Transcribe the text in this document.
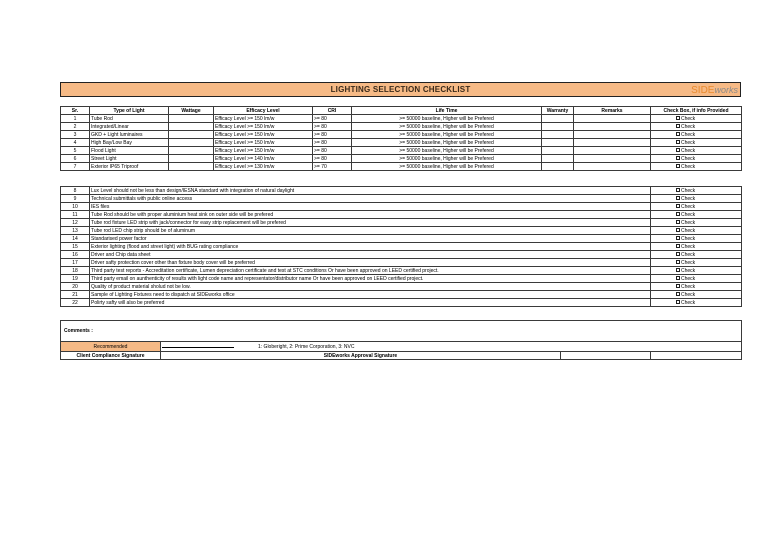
LIGHTING SELECTION CHECKLIST	SIDEworks
Sr.	Type of Light	Wattage	Efficacy Level	CRI	Life Time	Warranty	Remarks	Check Box, if info Provided
1	Tube Rod		Efficacy Level >= 150 lm/w	>= 80	>= 50000 baseline, Higher will be Prefered			Check
2	Integrated/Linear		Efficacy Level >= 150 lm/w	>= 80	>= 50000 baseline, Higher will be Prefered			Check
3	GKD + Light luminaires		Efficacy Level >= 150 lm/w	>= 80	>= 50000 baseline, Higher will be Prefered			Check
4	High Bay/Low Bay		Efficacy Level >= 150 lm/w	>= 80	>= 50000 baseline, Higher will be Prefered			Check
5	Flood Light		Efficacy Level >= 150 lm/w	>= 80	>= 50000 baseline, Higher will be Prefered			Check
6	Street Light		Efficacy Level >= 140 lm/w	>= 80	>= 50000 baseline, Higher will be Prefered			Check
7	Exterior IP65 Triproof		Efficacy Level >= 130 lm/w	>= 70	>= 50000 baseline, Higher will be Prefered			Check
8	Lux Level should not be less than design/IESNA standard with integration of natural daylight	Check
9	Technical submittals with public online access	Check
10	IES files	Check
11	Tube Rod should be with proper aluminium heat sink on outer side will be prefered	Check
12	Tube rod fixture LED strip with jack/connector for easy strip replacement will be prefered	Check
13	Tube rod LED chip strip should be of aluminum	Check
14	Standarised power factor	Check
15	Exterior lighting (flood and street light) with BUG rating compliance	Check
16	Driver and Chip data sheet	Check
17	Driver safty protection cover other than fixture body cover will be preferred	Check
18	Third party test reports - Accreditation certificate, Lumen depreciation certificate and test at STC conditions Or have been approved on LEED certified project.	Check
19	Third party email on aunthenticity of results with light code name and representator/distributor name Or have been approved on LEED certified project.	Check
20	Quality of product material sholud not be low.	Check
21	Sample of Lighting Fixtures need to dispatch at SIDEworks office	Check
22	Polirty safty will also be preferred	Check
Comments :			
Recommended	1: Globeright, 2: Prime Corporation, 3: NVC		
Client Compliance Signature	SIDEworks Approval Signature		
